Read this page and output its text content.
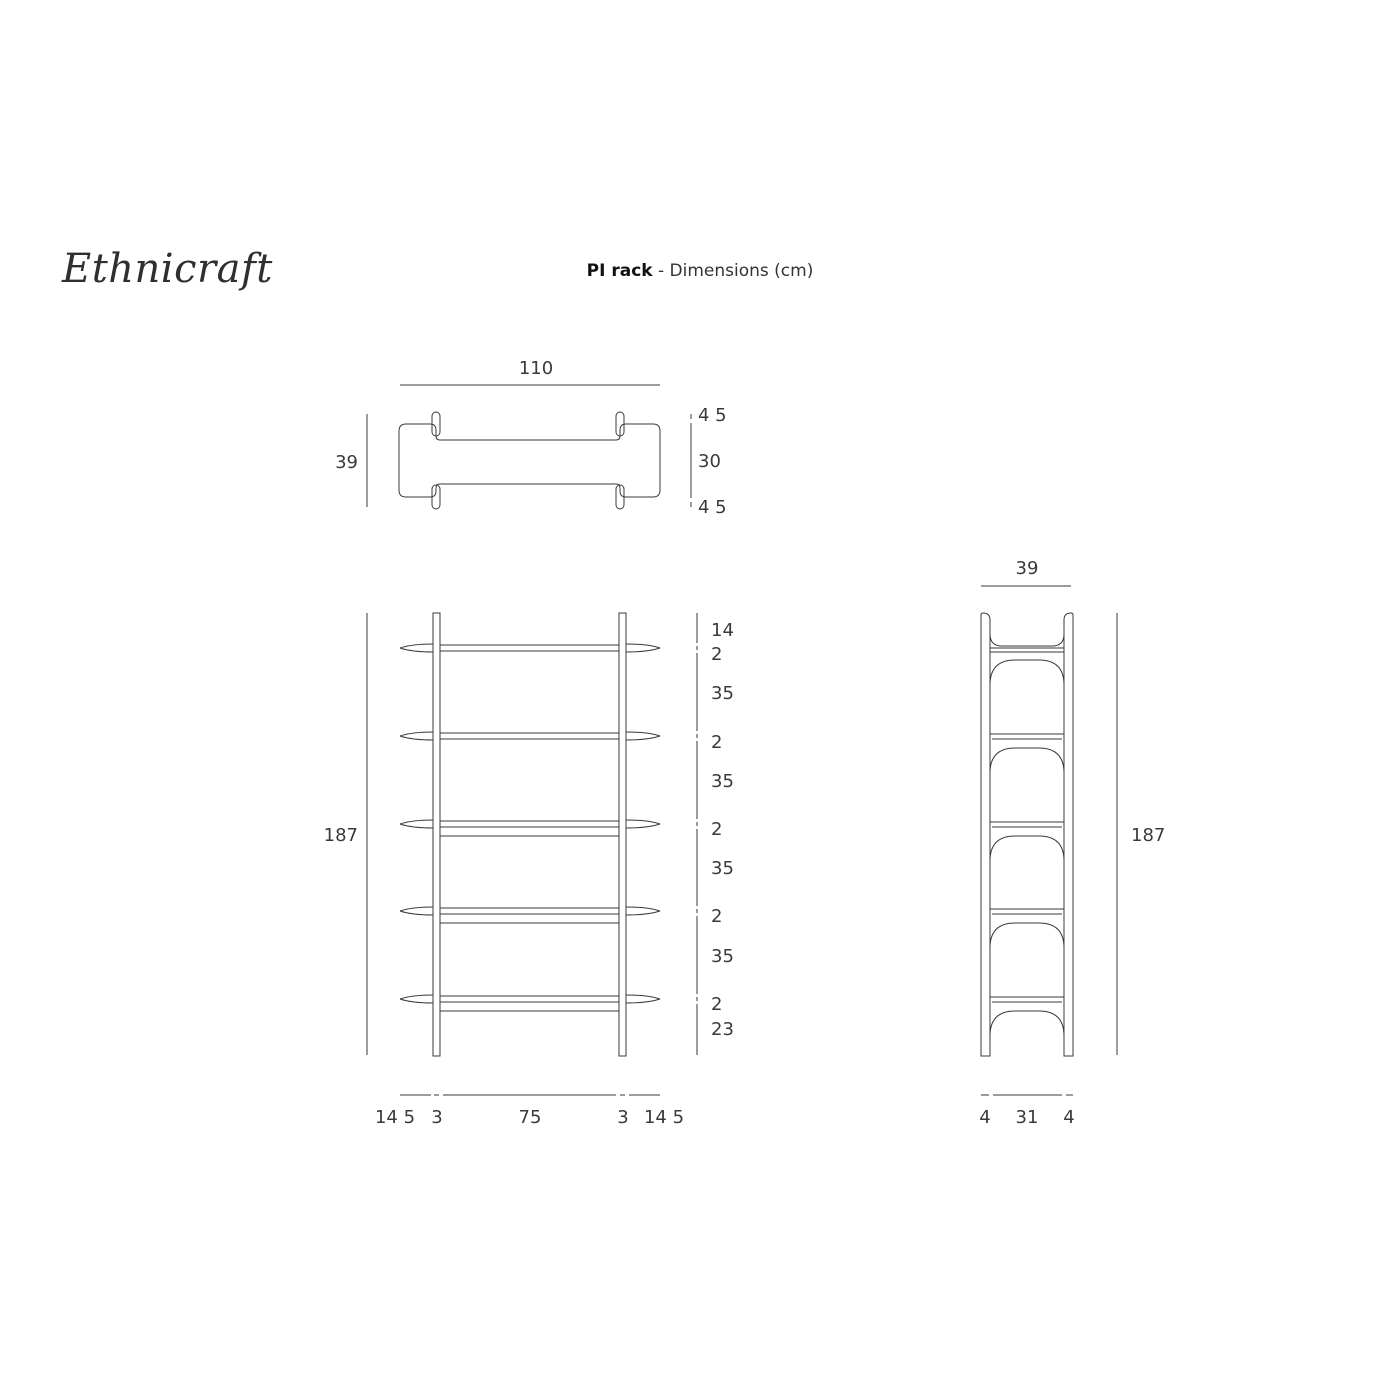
Ethnicraft	PI rack - Dimensions (cm)
110
39
4 5
30
4 5
187
14
2
35
2
35
2
35
2
35
2
23
14 5 3	75	3 14 5
39
187
4 31 4
